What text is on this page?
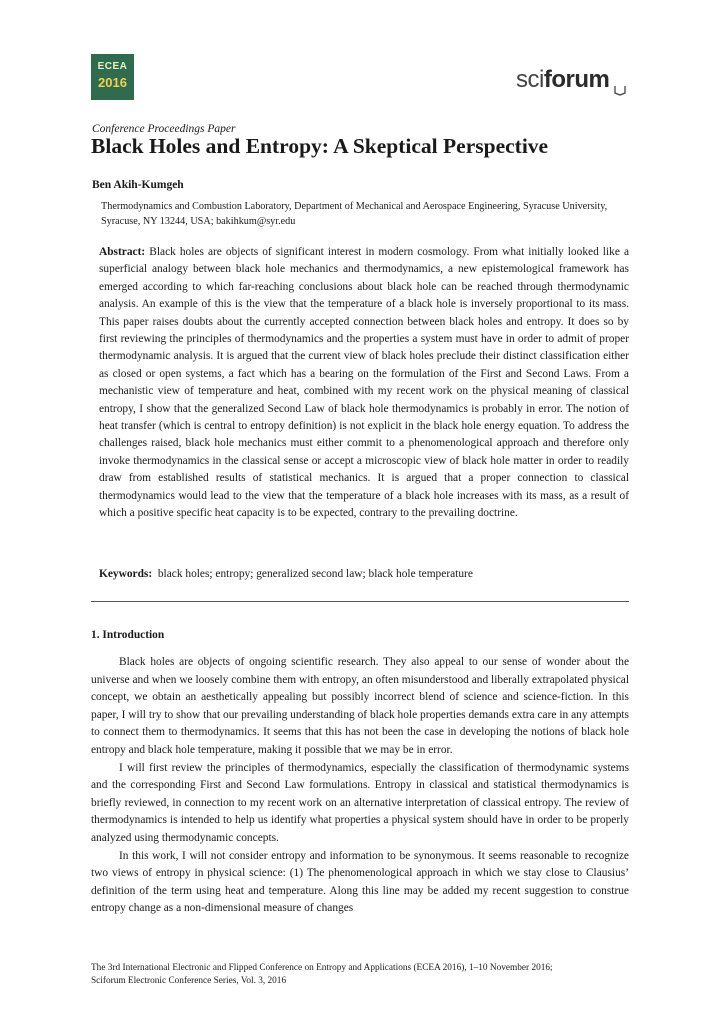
ECEA
2016	sciforum
Conference Proceedings Paper
Black Holes and Entropy: A Skeptical Perspective
Ben Akih-Kumgeh
Thermodynamics and Combustion Laboratory, Department of Mechanical and Aerospace Engineering, Syracuse University, Syracuse, NY 13244, USA; bakihkum@syr.edu

Abstract: Black holes are objects of significant interest in modern cosmology. From what initially looked like a superficial analogy between black hole mechanics and thermodynamics, a new epistemological framework has emerged according to which far-reaching conclusions about black hole can be reached through thermodynamic analysis. An example of this is the view that the temperature of a black hole is inversely proportional to its mass. This paper raises doubts about the currently accepted connection between black holes and entropy. It does so by first reviewing the principles of thermodynamics and the properties a system must have in order to admit of proper thermodynamic analysis. It is argued that the current view of black holes preclude their distinct classification either as closed or open systems, a fact which has a bearing on the formulation of the First and Second Laws. From a mechanistic view of temperature and heat, combined with my recent work on the physical meaning of classical entropy, I show that the generalized Second Law of black hole thermodynamics is probably in error. The notion of heat transfer (which is central to entropy definition) is not explicit in the black hole energy equation. To address the challenges raised, black hole mechanics must either commit to a phenomenological approach and therefore only invoke thermodynamics in the classical sense or accept a microscopic view of black hole matter in order to readily draw from established results of statistical mechanics. It is argued that a proper connection to classical thermodynamics would lead to the view that the temperature of a black hole increases with its mass, as a result of which a positive specific heat capacity is to be expected, contrary to the prevailing doctrine.

Keywords: black holes; entropy; generalized second law; black hole temperature
1. Introduction

Black holes are objects of ongoing scientific research. They also appeal to our sense of wonder about the universe and when we loosely combine them with entropy, an often misunderstood and liberally extrapolated physical concept, we obtain an aesthetically appealing but possibly incorrect blend of science and science-fiction. In this paper, I will try to show that our prevailing understanding of black hole properties demands extra care in any attempts to connect them to thermodynamics. It seems that this has not been the case in developing the notions of black hole entropy and black hole temperature, making it possible that we may be in error.

I will first review the principles of thermodynamics, especially the classification of thermodynamic systems and the corresponding First and Second Law formulations. Entropy in classical and statistical thermodynamics is briefly reviewed, in connection to my recent work on an alternative interpretation of classical entropy. The review of thermodynamics is intended to help us identify what properties a physical system should have in order to be properly analyzed using thermodynamic concepts.

In this work, I will not consider entropy and information to be synonymous. It seems reasonable to recognize two views of entropy in physical science: (1) The phenomenological approach in which we stay close to Clausius’ definition of the term using heat and temperature. Along this line may be added my recent suggestion to construe entropy change as a non-dimensional measure of changes

The 3rd International Electronic and Flipped Conference on Entropy and Applications (ECEA 2016), 1–10 November 2016;
Sciforum Electronic Conference Series, Vol. 3, 2016
